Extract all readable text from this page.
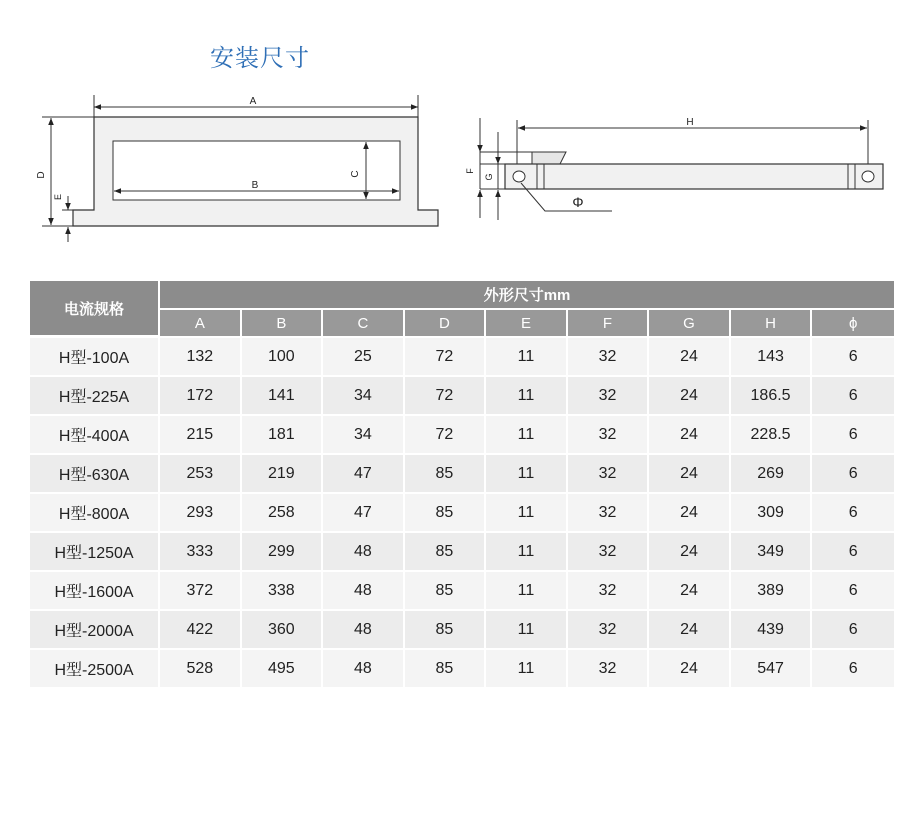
安装尺寸
A
B
C
D
E
H
F
G
Φ
电流规格	外形尺寸mm								
	A	B	C	D	E	F	G	H	ϕ
H型-100A	132	100	25	72	11	32	24	143	6
H型-225A	172	141	34	72	11	32	24	186.5	6
H型-400A	215	181	34	72	11	32	24	228.5	6
H型-630A	253	219	47	85	11	32	24	269	6
H型-800A	293	258	47	85	11	32	24	309	6
H型-1250A	333	299	48	85	11	32	24	349	6
H型-1600A	372	338	48	85	11	32	24	389	6
H型-2000A	422	360	48	85	11	32	24	439	6
H型-2500A	528	495	48	85	11	32	24	547	6
